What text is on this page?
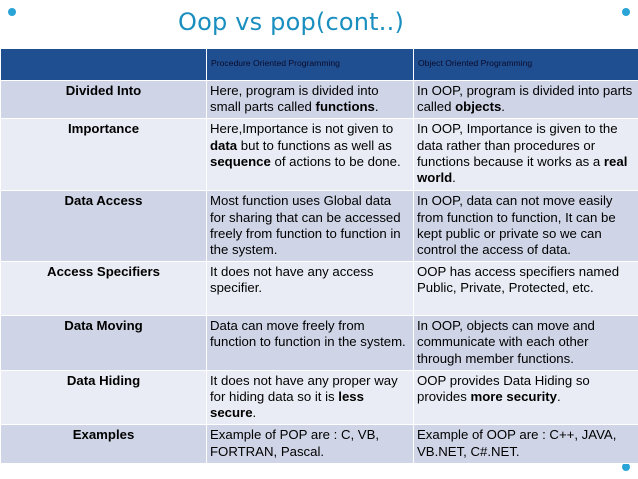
Oop vs pop(cont..)
	Procedure Oriented Programming	Object Oriented Programming
Divided Into	Here, program is divided into small parts called functions.	In OOP, program is divided into parts called objects.
Importance	Here,Importance is not given to data but to functions as well as sequence of actions to be done.	In OOP, Importance is given to the data rather than procedures or functions because it works as a real world.
Data Access	Most function uses Global data for sharing that can be accessed freely from function to function in the system.	In OOP, data can not move easily from function to function, It can be kept public or private so we can control the access of data.
Access Specifiers	It does not have any access specifier.	OOP has access specifiers named Public, Private, Protected, etc.
Data Moving	Data can move freely from function to function in the system.	In OOP, objects can move and communicate with each other through member functions.
Data Hiding	It does not have any proper way for hiding data so it is less secure.	OOP provides Data Hiding so provides more security.
Examples	Example of POP are : C, VB, FORTRAN, Pascal.	Example of OOP are : C++, JAVA, VB.NET, C#.NET.
